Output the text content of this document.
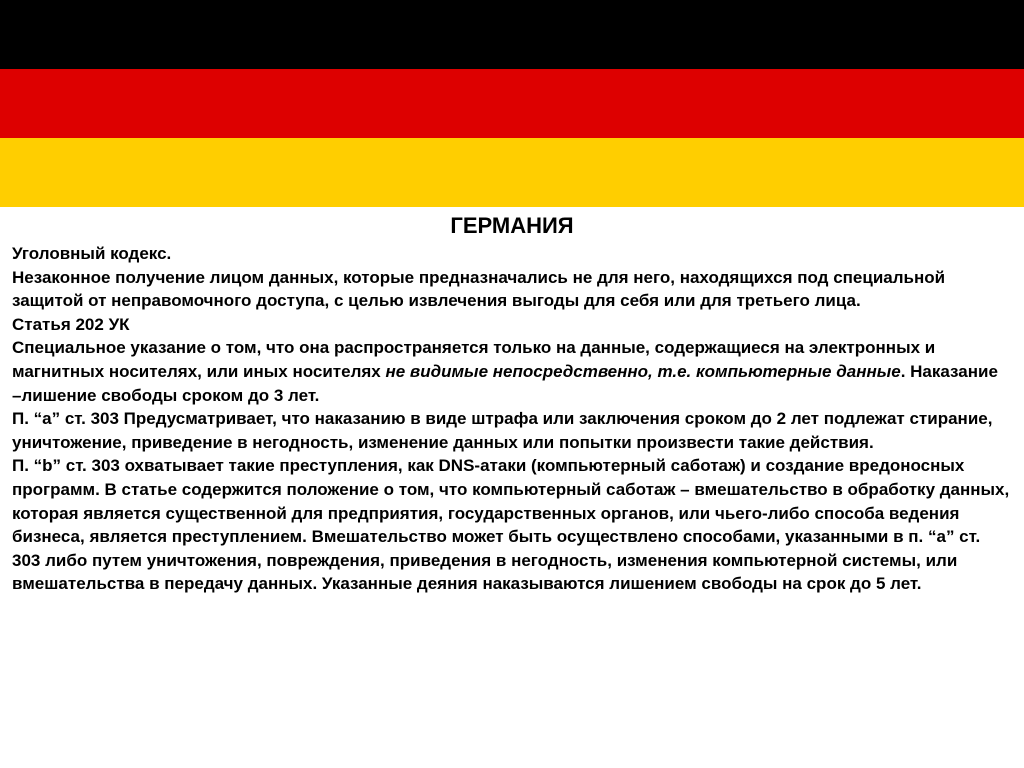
ГЕРМАНИЯ

Уголовный кодекс.

Незаконное получение лицом данных, которые предназначались не для него, находящихся под специальной защитой от неправомочного доступа, с целью извлечения выгоды для себя или для третьего лица.

Статья 202 УК

Специальное указание о том, что она распространяется только на данные, содержащиеся на электронных и магнитных носителях, или иных носителях не видимые непосредственно, т.е. компьютерные данные. Наказание –лишение свободы сроком до 3 лет.

П. “а” ст. 303 Предусматривает, что наказанию в виде штрафа или заключения сроком до 2 лет подлежат стирание, уничтожение, приведение в негодность, изменение данных или попытки произвести такие действия.

П. “b” ст. 303 охватывает такие преступления, как DNS-атаки (компьютерный саботаж) и создание вредоносных программ. В статье содержится положение о том, что компьютерный саботаж – вмешательство в обработку данных, которая является существенной для предприятия, государственных органов, или чьего-либо способа ведения бизнеса, является преступлением. Вмешательство может быть осуществлено способами, указанными в п. “а” ст. 303 либо путем уничтожения, повреждения, приведения в негодность, изменения компьютерной системы, или вмешательства в передачу данных. Указанные деяния наказываются лишением свободы на срок до 5 лет.
